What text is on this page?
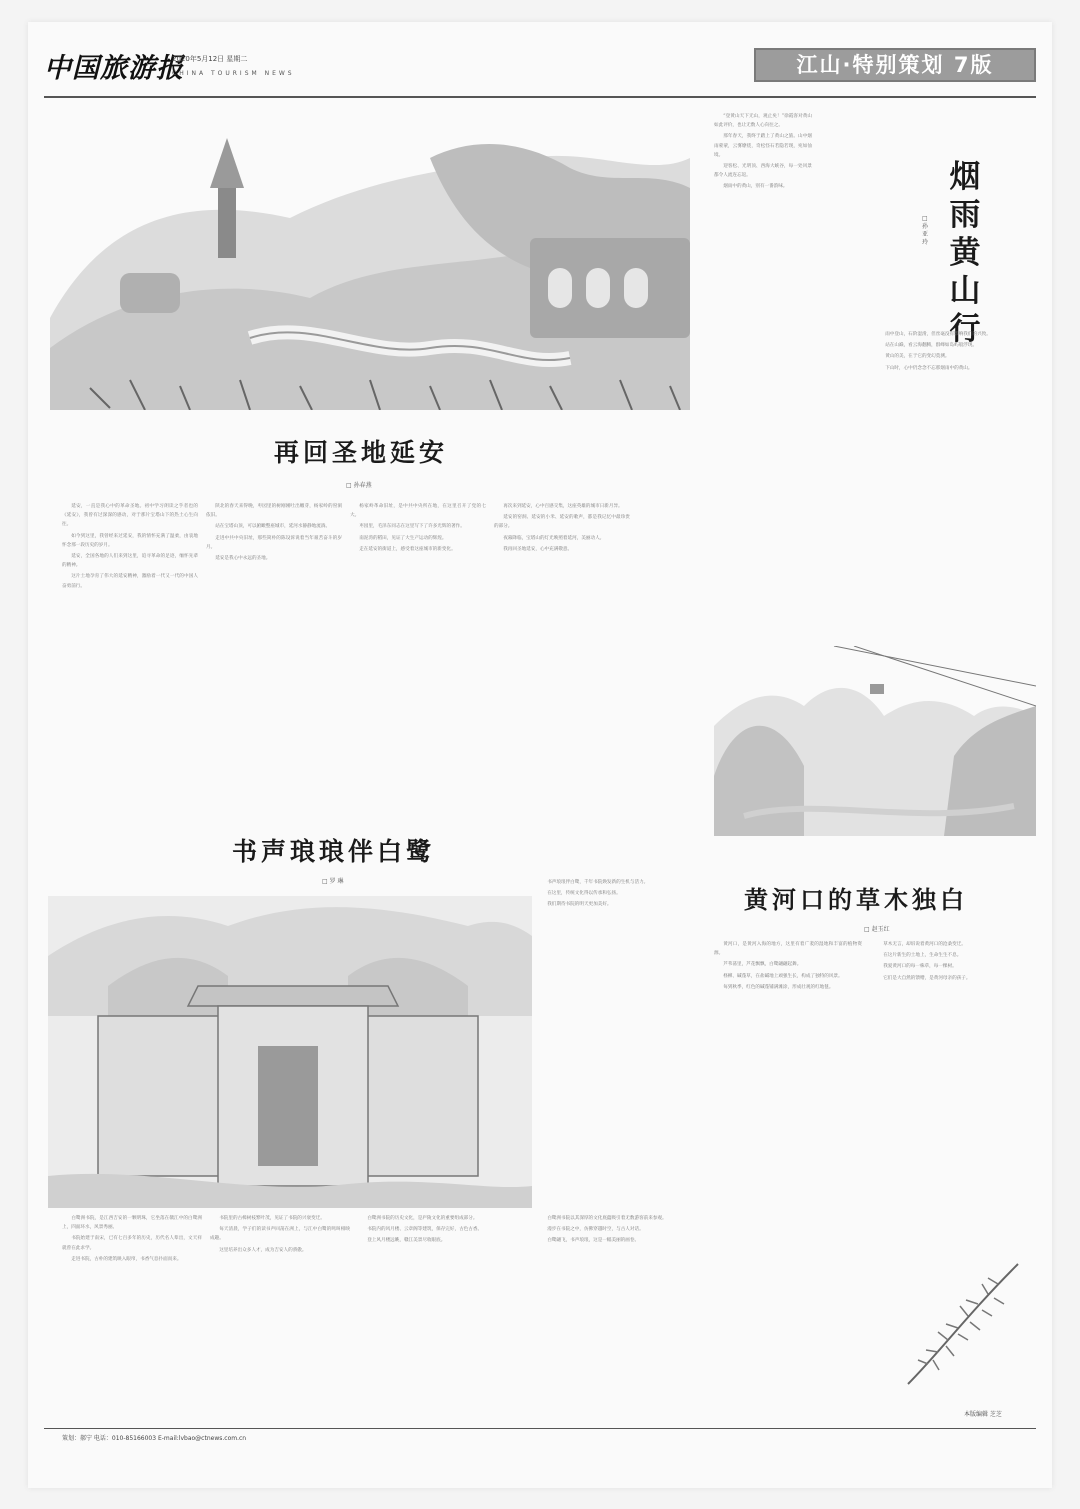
中国旅游报
2020年5月12日 星期二
CHINA TOURISM NEWS	江山·特别策划 7版
再回圣地延安
□ 孙春燕

延安，一直是我心中的革命圣地。初中学习朗读之乎者也的《延安》，我曾有过深深的感动，对于那片宝塔山下的热土心生向往。

如今到这里，我曾经来过延安，我的情怀充满了温柔，由衷地怀念那一段历史的岁月。

延安，全国各地的人们来到这里，追寻革命的足迹，缅怀先辈的精神。

这片土地孕育了伟大的延安精神，激励着一代又一代的中国人奋勇前行。

陕北的春天来得晚，枣园里的树刚刚吐出嫩芽，杨家岭的窑洞依旧。

站在宝塔山顶，可以俯瞰整座城市，延河水静静地流淌。

走进中共中央旧址，那些简朴的陈设诉说着当年艰苦奋斗的岁月。

延安是我心中永远的圣地。

杨家岭革命旧址，是中共中央所在地，在这里召开了党的七大。

枣园里，毛泽东同志在这里写下了许多光辉的著作。

南泥湾的稻田，见证了大生产运动的辉煌。

走在延安的街道上，感受着这座城市的新变化。

再次来到延安，心中百感交集，这座英雄的城市日新月异。

延安的窑洞、延安的小米、延安的歌声，都是我记忆中最珍贵的部分。

夜幕降临，宝塔山的灯光映照着延河，美丽动人。

我再回圣地延安，心中充满敬意。

“登黄山天下无山，观止矣！”徐霞客对黄山如此评价，也让无数人心向往之。

那年春天，我终于踏上了黄山之旅。山中烟雨蒙蒙，云雾缭绕，奇松怪石若隐若现，宛如仙境。

迎客松、光明顶、西海大峡谷，每一处风景都令人流连忘返。

烟雨中的黄山，别有一番韵味。	烟雨黄山行
□ 孙亚玲

雨中登山，石阶湿滑，但丝毫没有影响我们的兴致。

站在山巅，看云海翻腾，群峰如岛屿般浮现。

黄山的美，在于它的变幻莫测。

下山时，心中仍念念不忘那烟雨中的黄山。

黄河口的草木独白
□ 赵玉红

黄河口，是黄河入海的地方，这里有着广袤的湿地和丰富的植物资源。

芦苇荡里，芦花飘飘，白鹭翩翩起舞。

柽柳、碱蓬草，在盐碱地上顽强生长，构成了独特的风景。

每到秋季，红色的碱蓬铺满滩涂，形成壮观的红地毯。

草木无言，却诉说着黄河口的沧桑变迁。

在这片新生的土地上，生命生生不息。

我爱黄河口的每一株草，每一棵树。

它们是大自然的馈赠，是黄河母亲的孩子。

本版编辑 芝芝
书声琅琅伴白鹭
□ 罗 琳	书声琅琅伴白鹭，千年书院焕发新的生机与活力。

在这里，传统文化得以传承和弘扬。

我们期待书院的明天更加美好。

白鹭洲书院，是江西吉安的一颗明珠，它坐落在赣江中的白鹭洲上，四面环水，风景秀丽。

书院始建于南宋，已有七百多年的历史，历代名人辈出，文天祥就曾在此求学。

走进书院，古朴的建筑映入眼帘，书香气息扑面而来。

书院里的古樟树枝繁叶茂，见证了书院的兴衰变迁。

每天清晨，学子们的读书声回荡在洲上，与江中白鹭的鸣叫相映成趣。

这里培养出众多人才，成为吉安人的骄傲。

白鹭洲书院的历史文化，是庐陵文化的重要组成部分。

书院内的风月楼、云章阁等建筑，保存完好，古色古香。

登上风月楼远眺，赣江美景尽收眼底。

白鹭洲书院以其深厚的文化底蕴吸引着无数游客前来参观。

漫步在书院之中，仿佛穿越时空，与古人对话。

白鹭翩飞，书声琅琅，这是一幅美丽的画卷。

策划：郝宁 电话：010-85166003 E-mail:lvbao@ctnews.com.cn
